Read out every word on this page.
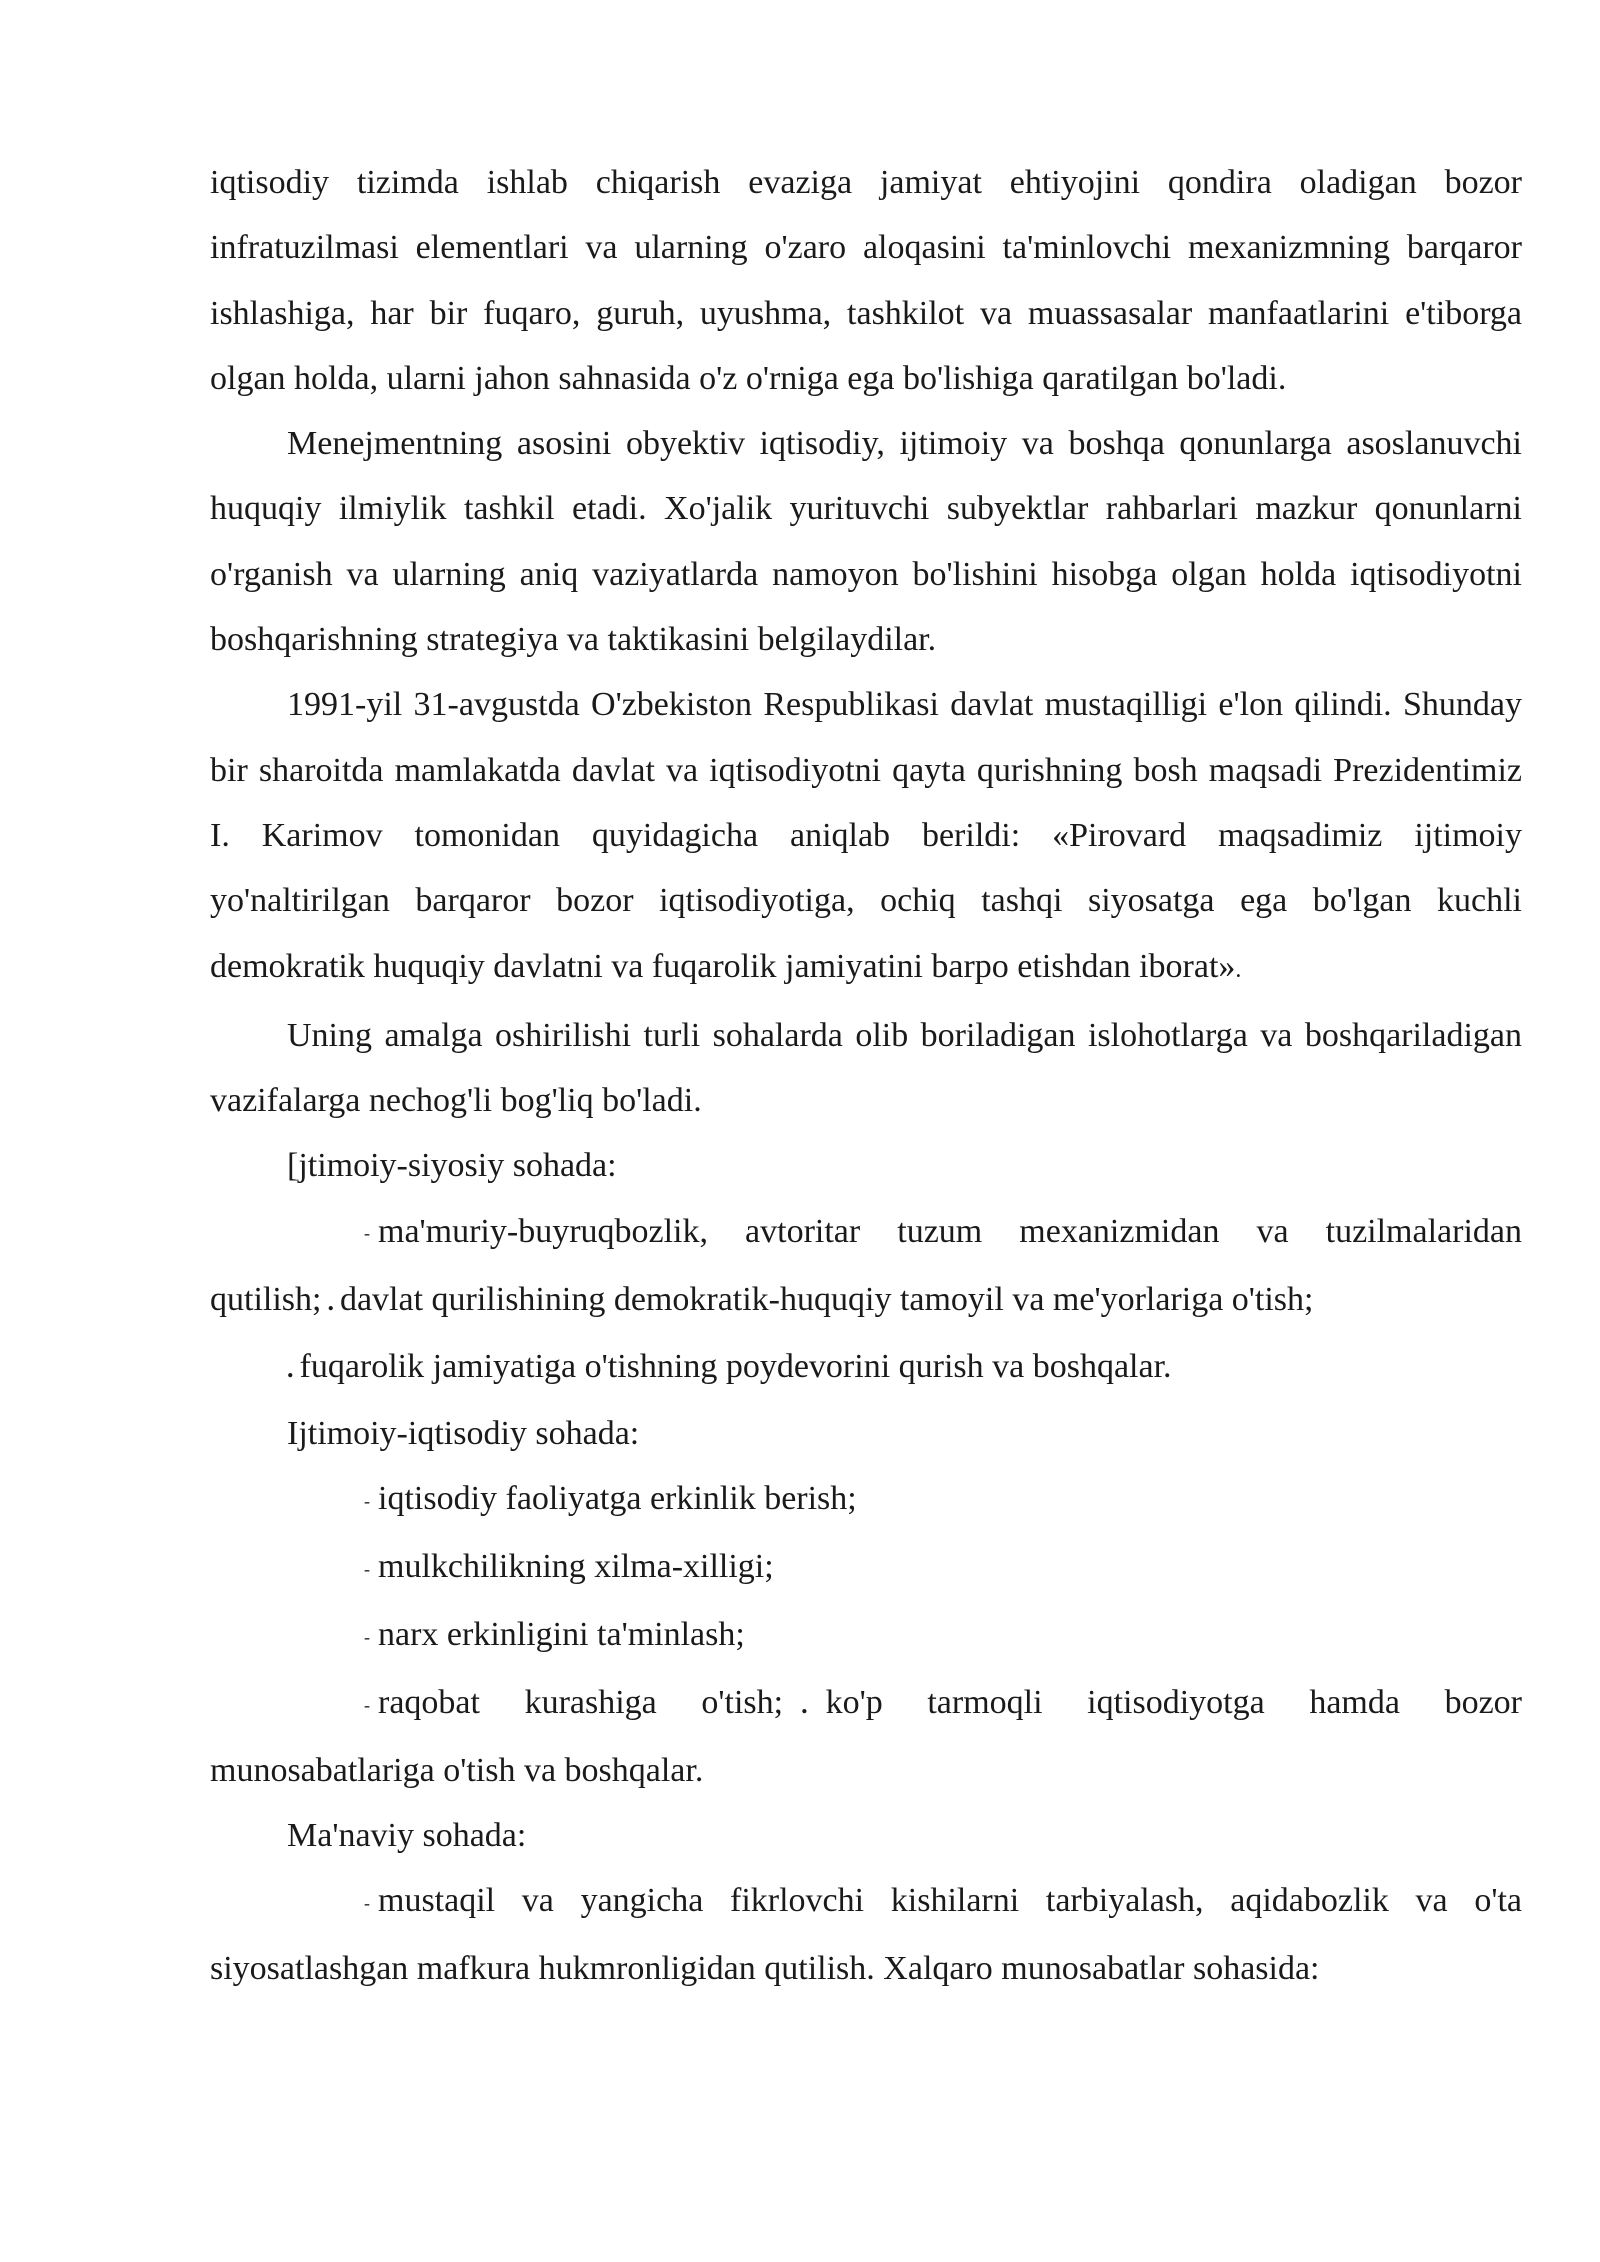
iqtisodiy tizimda ishlab chiqarish evaziga jamiyat ehtiyojini qondira oladigan bozor infratuzilmasi elementlari va ularning o'zaro aloqasini ta'minlovchi mexanizmning barqaror ishlashiga, har bir fuqaro, guruh, uyushma, tashkilot va muassasalar manfaatlarini e'tiborga olgan holda, ularni jahon sahnasida o'z o'rniga ega bo'lishiga qaratilgan bo'ladi.

Menejmentning asosini obyektiv iqtisodiy, ijtimoiy va boshqa qonunlarga asoslanuvchi huquqiy ilmiylik tashkil etadi. Xo'jalik yurituvchi subyektlar rahbarlari mazkur qonunlarni o'rganish va ularning aniq vaziyatlarda namoyon bo'lishini hisobga olgan holda iqtisodiyotni boshqarishning strategiya va taktikasini belgilaydilar.

1991-yil 31-avgustda O'zbekiston Respublikasi davlat mustaqilligi e'lon qilindi. Shunday bir sharoitda mamlakatda davlat va iqtisodiyotni qayta qurishning bosh maqsadi Prezidentimiz I. Karimov tomonidan quyidagicha aniqlab berildi: «Pirovard maqsadimiz ijtimoiy yo'naltirilgan barqaror bozor iqtisodiyotiga, ochiq tashqi siyosatga ega bo'lgan kuchli demokratik huquqiy davlatni va fuqarolik jamiyatini barpo etishdan iborat».

Uning amalga oshirilishi turli sohalarda olib boriladigan islohotlarga va boshqariladigan vazifalarga nechog'li bog'liq bo'ladi.

[jtimoiy-siyosiy sohada:

- ma'muriy-buyruqbozlik, avtoritar tuzum mexanizmidan va tuzilmalaridan qutilish; . davlat qurilishining demokratik-huquqiy tamoyil va me'yorlariga o'tish;

. fuqarolik jamiyatiga o'tishning poydevorini qurish va boshqalar.

Ijtimoiy-iqtisodiy sohada:

- iqtisodiy faoliyatga erkinlik berish;

- mulkchilikning xilma-xilligi;

- narx erkinligini ta'minlash;

- raqobat kurashiga o'tish; . ko'p tarmoqli iqtisodiyotga hamda bozor munosabatlariga o'tish va boshqalar.

Ma'naviy sohada:

- mustaqil va yangicha fikrlovchi kishilarni tarbiyalash, aqidabozlik va o'ta siyosatlashgan mafkura hukmronligidan qutilish. Xalqaro munosabatlar sohasida:
